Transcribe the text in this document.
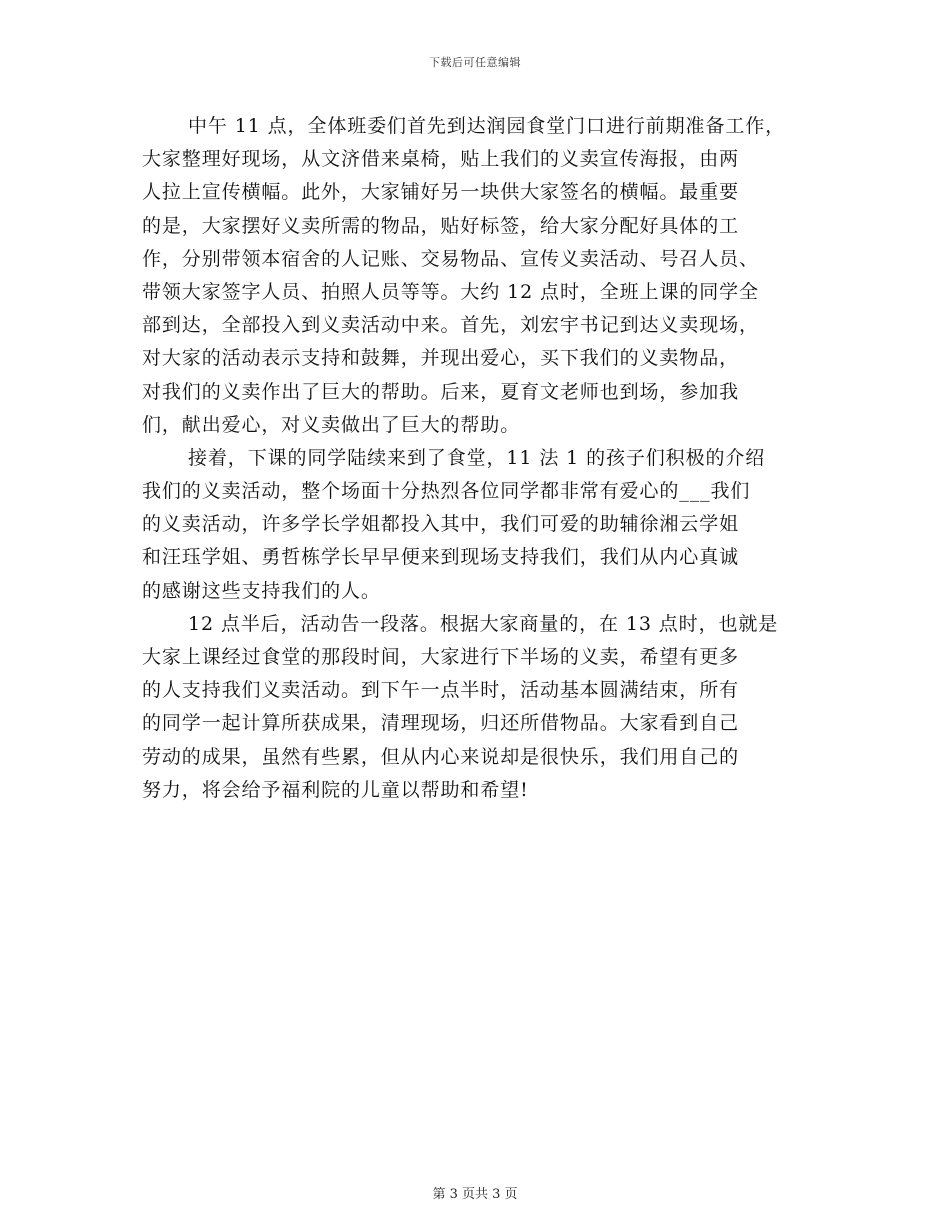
下载后可任意编辑
中午 11 点，全体班委们首先到达润园食堂门口进行前期准备工作，
大家整理好现场，从文济借来桌椅，贴上我们的义卖宣传海报，由两
人拉上宣传横幅。此外，大家铺好另一块供大家签名的横幅。最重要
的是，大家摆好义卖所需的物品，贴好标签，给大家分配好具体的工
作，分别带领本宿舍的人记账、交易物品、宣传义卖活动、号召人员、
带领大家签字人员、拍照人员等等。大约 12 点时，全班上课的同学全
部到达，全部投入到义卖活动中来。首先，刘宏宇书记到达义卖现场，
对大家的活动表示支持和鼓舞，并现出爱心，买下我们的义卖物品，
对我们的义卖作出了巨大的帮助。后来，夏育文老师也到场，参加我
们，献出爱心，对义卖做出了巨大的帮助。
接着，下课的同学陆续来到了食堂，11 法 1 的孩子们积极的介绍
我们的义卖活动，整个场面十分热烈各位同学都非常有爱心的___我们
的义卖活动，许多学长学姐都投入其中，我们可爱的助辅徐湘云学姐
和汪珏学姐、勇哲栋学长早早便来到现场支持我们，我们从内心真诚
的感谢这些支持我们的人。
12 点半后，活动告一段落。根据大家商量的，在 13 点时，也就是
大家上课经过食堂的那段时间，大家进行下半场的义卖，希望有更多
的人支持我们义卖活动。到下午一点半时，活动基本圆满结束，所有
的同学一起计算所获成果，清理现场，归还所借物品。大家看到自己
劳动的成果，虽然有些累，但从内心来说却是很快乐，我们用自己的
努力，将会给予福利院的儿童以帮助和希望!
第 3 页共 3 页
